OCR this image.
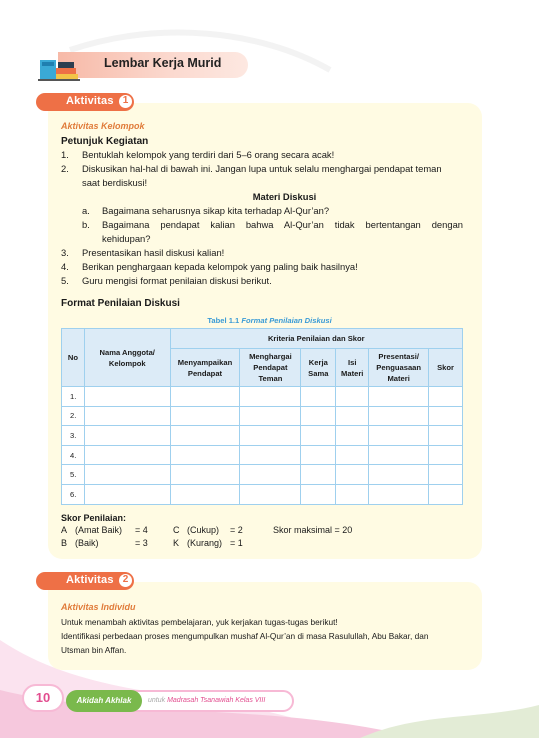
Lembar Kerja Murid
Aktivitas 1
Aktivitas Kelompok
Petunjuk Kegiatan
1. Bentuklah kelompok yang terdiri dari 5–6 orang secara acak!
2. Diskusikan hal-hal di bawah ini. Jangan lupa untuk selalu menghargai pendapat teman
saat berdiskusi!
Materi Diskusi
a. Bagaimana seharusnya sikap kita terhadap Al-Qur’an?
b. Bagaimana pendapat kalian bahwa Al-Qur’an tidak bertentangan dengan
kehidupan?
3. Presentasikan hasil diskusi kalian!
4. Berikan penghargaan kepada kelompok yang paling baik hasilnya!
5. Guru mengisi format penilaian diskusi berikut.
Format Penilaian Diskusi
Tabel 1.1 Format Penilaian Diskusi
No	Nama Anggota/ Kelompok	Kriteria Penilaian dan Skor					
		Menyampaikan Pendapat	Menghargai Pendapat Teman	Kerja Sama	Isi Materi	Presentasi/ Penguasaan Materi	Skor
1.							
2.							
3.							
4.							
5.							
6.							
Skor Penilaian:
A (Amat Baik) = 4	C (Cukup) = 2	Skor maksimal = 20
B (Baik)	= 3	K (Kurang) = 1
Aktivitas 2
Aktivitas Individu
Untuk menambah aktivitas pembelajaran, yuk kerjakan tugas-tugas berikut!
Identifikasi perbedaan proses mengumpulkan mushaf Al-Qur’an di masa Rasulullah, Abu Bakar, dan
Utsman bin Affan.
10	Akidah Akhlak	untuk Madrasah Tsanawiah Kelas VIII
